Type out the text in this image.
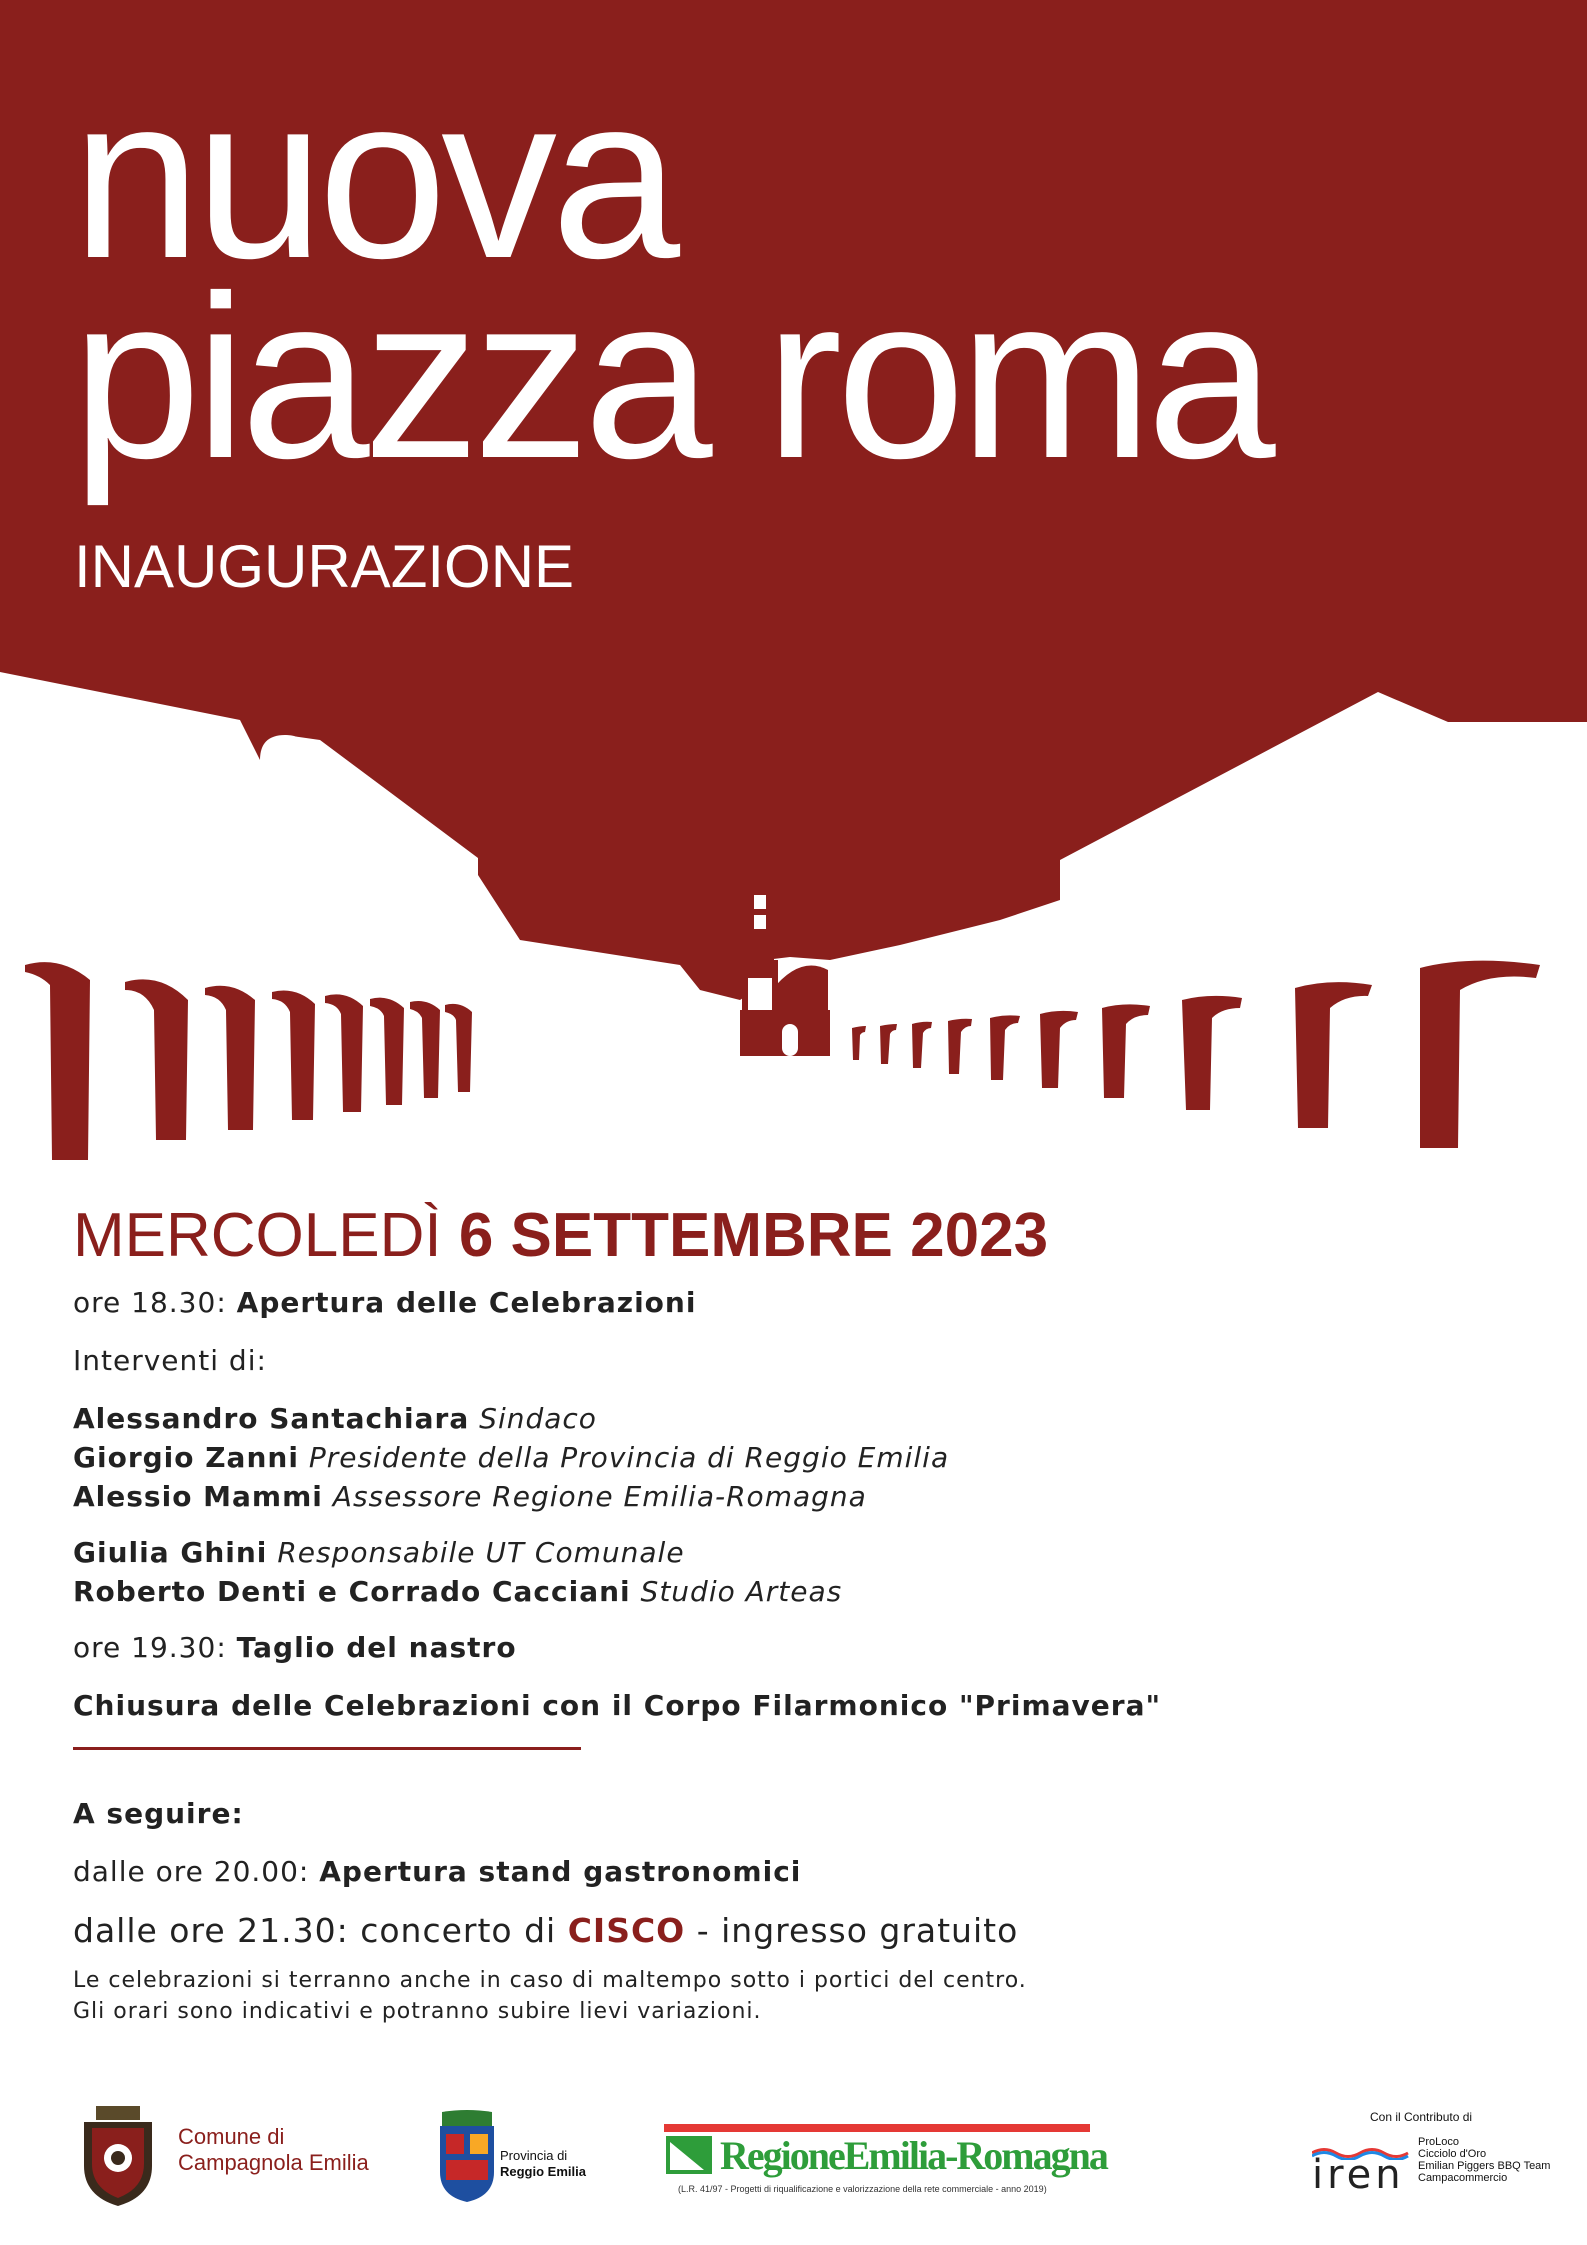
nuova
piazza roma
INAUGURAZIONE
MERCOLEDÌ 6 SETTEMBRE 2023
ore 18.30: Apertura delle Celebrazioni
Interventi di:
Alessandro Santachiara Sindaco
Giorgio Zanni Presidente della Provincia di Reggio Emilia
Alessio Mammi Assessore Regione Emilia-Romagna
Giulia Ghini Responsabile UT Comunale
Roberto Denti e Corrado Cacciani Studio Arteas
ore 19.30: Taglio del nastro
Chiusura delle Celebrazioni con il Corpo Filarmonico "Primavera"
A seguire:
dalle ore 20.00: Apertura stand gastronomici
dalle ore 21.30: concerto di CISCO - ingresso gratuito
Le celebrazioni si terranno anche in caso di maltempo sotto i portici del centro.
Gli orari sono indicativi e potranno subire lievi variazioni.
Comune di
Campagnola Emilia	Provincia di
Reggio Emilia	RegioneEmilia-Romagna
(L.R. 41/97 - Progetti di riqualificazione e valorizzazione della rete commerciale - anno 2019)
Con il Contributo di
iren
ProLoco
Cicciolo d'Oro
Emilian Piggers BBQ Team
Campacommercio
